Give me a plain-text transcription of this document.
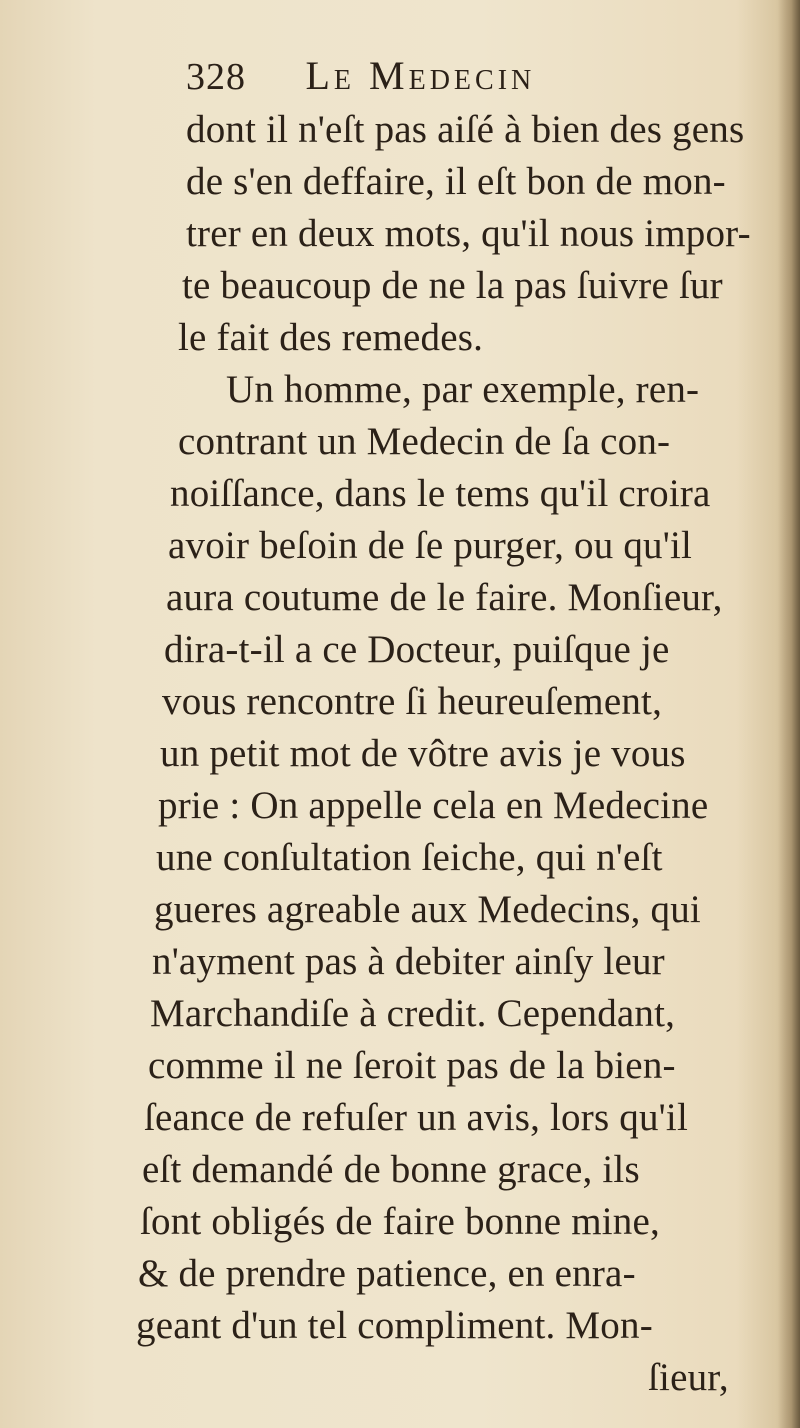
328 Le Medecin
dont il n'eſt pas aiſé à bien des gens
de s'en deffaire, il eſt bon de mon-
trer en deux mots, qu'il nous impor-
te beaucoup de ne la pas ſuivre ſur
le fait des remedes.
Un homme, par exemple, ren-
contrant un Medecin de ſa con-
noiſſance, dans le tems qu'il croira
avoir beſoin de ſe purger, ou qu'il
aura coutume de le faire. Monſieur,
dira-t-il a ce Docteur, puiſque je
vous rencontre ſi heureuſement,
un petit mot de vôtre avis je vous
prie : On appelle cela en Medecine
une conſultation ſeiche, qui n'eſt
gueres agreable aux Medecins, qui
n'ayment pas à debiter ainſy leur
Marchandiſe à credit. Cependant,
comme il ne ſeroit pas de la bien-
ſeance de refuſer un avis, lors qu'il
eſt demandé de bonne grace, ils
ſont obligés de faire bonne mine,
& de prendre patience, en enra-
geant d'un tel compliment. Mon-
ſieur,
